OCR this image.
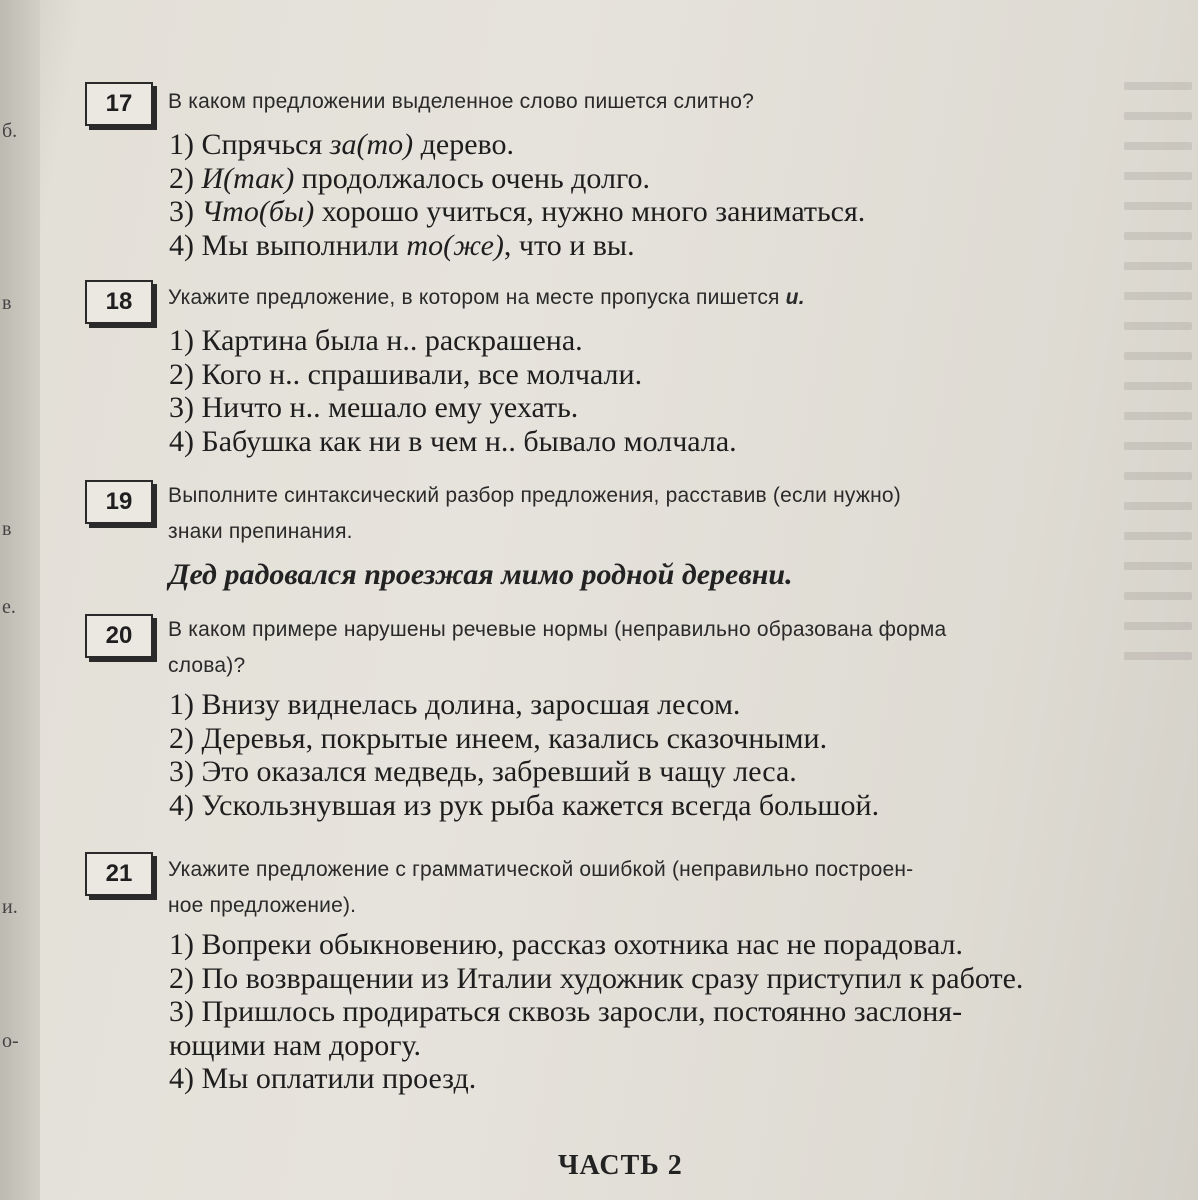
б.
в
в
е.
и.
о-
17	В каком предложении выделенное слово пишется слитно?
1) Спрячься за(то) дерево.
2) И(так) продолжалось очень долго.
3) Что(бы) хорошо учиться, нужно много заниматься.
4) Мы выполнили то(же), что и вы.
18	Укажите предложение, в котором на месте пропуска пишется и.
1) Картина была н.. раскрашена.
2) Кого н.. спрашивали, все молчали.
3) Ничто н.. мешало ему уехать.
4) Бабушка как ни в чем н.. бывало молчала.
19	Выполните синтаксический разбор предложения, расставив (если нужно)
знаки препинания.
Дед радовался проезжая мимо родной деревни.
20	В каком примере нарушены речевые нормы (неправильно образована форма
слова)?
1) Внизу виднелась долина, заросшая лесом.
2) Деревья, покрытые инеем, казались сказочными.
3) Это оказался медведь, забревший в чащу леса.
4) Ускользнувшая из рук рыба кажется всегда большой.
21	Укажите предложение с грамматической ошибкой (неправильно построен-
ное предложение).
1) Вопреки обыкновению, рассказ охотника нас не порадовал.
2) По возвращении из Италии художник сразу приступил к работе.
3) Пришлось продираться сквозь заросли, постоянно заслоня-
ющими нам дорогу.
4) Мы оплатили проезд.
ЧАСТЬ 2
